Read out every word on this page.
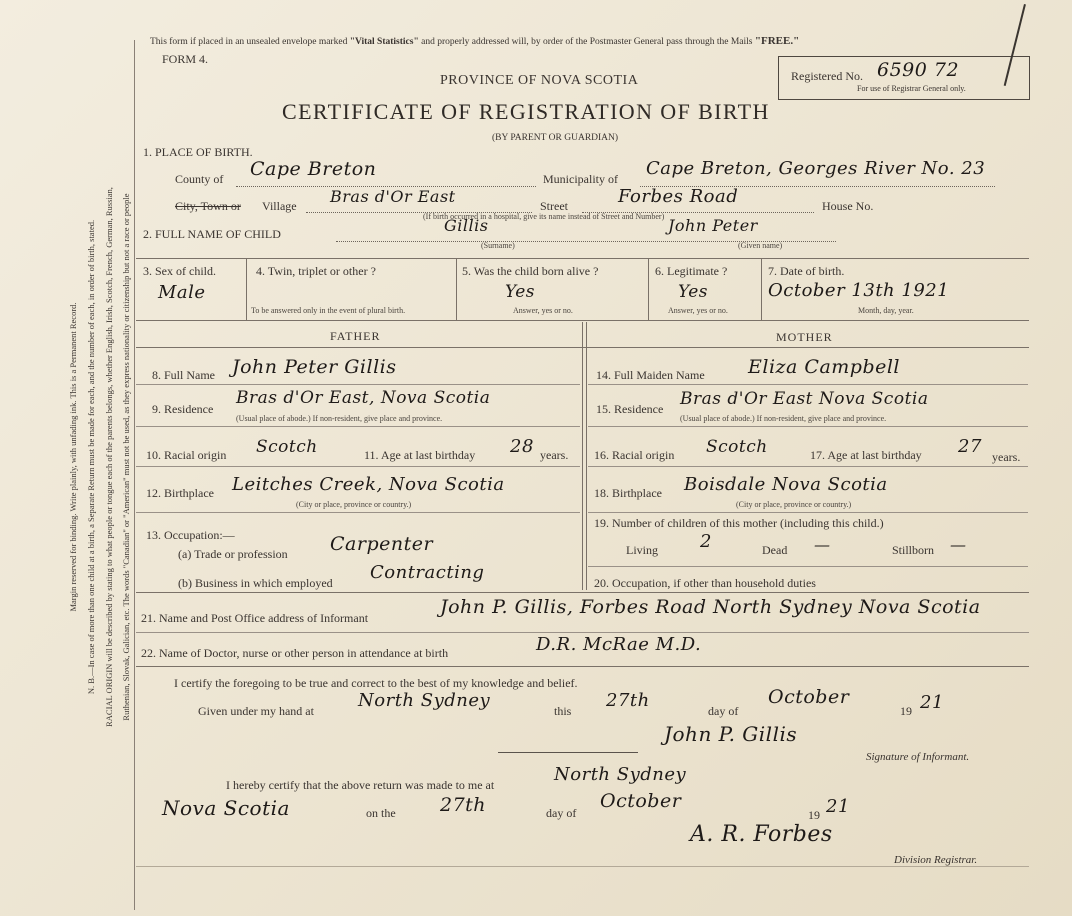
Margin reserved for binding. Write plainly, with unfading ink. This is a Permanent Record. N. B.—In case of more than one child at a birth, a Separate Return must be made for each, and the number of each, in order of birth, stated. RACIAL ORIGIN will be described by stating to what people or tongue each of the parents belongs, whether English, Irish, Scotch, French, German, Russian, Ruthenian, Slovak, Galician, etc. The words "Canadian" or "American" must not be used, as they express nationality or citizenship but not a race or people
This form if placed in an unsealed envelope marked "Vital Statistics" and properly addressed will, by order of the Postmaster General pass through the Mails "FREE."
FORM 4.
PROVINCE OF NOVA SCOTIA
CERTIFICATE OF REGISTRATION OF BIRTH
(BY PARENT OR GUARDIAN)
Registered No. 6590 72
For use of Registrar General only.
1. PLACE OF BIRTH.
County of Cape Breton	Municipality of Cape Breton, Georges River No. 23
City, Town or Village Bras d'Or East	Street	Forbes Road	House No.
(If birth occurred in a hospital, give its name instead of Street and Number)
2. FULL NAME OF CHILD	Gillis
(Surname)
John Peter
(Given name)
3. Sex of child.
Male
4. Twin, triplet or other ?
To be answered only in the event of plural birth.
5. Was the child born alive ?
Yes
Answer, yes or no.
6. Legitimate ?
Yes
Answer, yes or no.
7. Date of birth.
October 13th 1921
Month, day, year.
FATHER	MOTHER
8. Full Name John Peter Gillis
9. Residence
Bras d'Or East, Nova Scotia
(Usual place of abode.) If non-resident, give place and province.
10. Racial origin Scotch	11. Age at last birthday 28 years.
12. Birthplace Leitches Creek, Nova Scotia
(City or place, province or country.)
13. Occupation:—
(a) Trade or profession Carpenter
(b) Business in which employed Contracting
14. Full Maiden Name Eliza Campbell
15. Residence Bras d'Or East Nova Scotia
(Usual place of abode.) If non-resident, give place and province.
16. Racial origin Scotch	17. Age at last birthday 27 years.
18. Birthplace Boisdale Nova Scotia
(City or place, province or country.)
19. Number of children of this mother (including this child.)
Living 2	Dead —	Stillborn —
20. Occupation, if other than household duties
21. Name and Post Office address of Informant	John P. Gillis, Forbes Road North Sydney Nova Scotia
22. Name of Doctor, nurse or other person in attendance at birth	D.R. McRae M.D.
I certify the foregoing to be true and correct to the best of my knowledge and belief.
Given under my hand at North Sydney	this 27th	day of
October
19 21
John P. Gillis
Signature of Informant.
I hereby certify that the above return was made to me at	North Sydney
Nova Scotia	on the 27th	day of
October
19 21
A. R. Forbes
Division Registrar.
